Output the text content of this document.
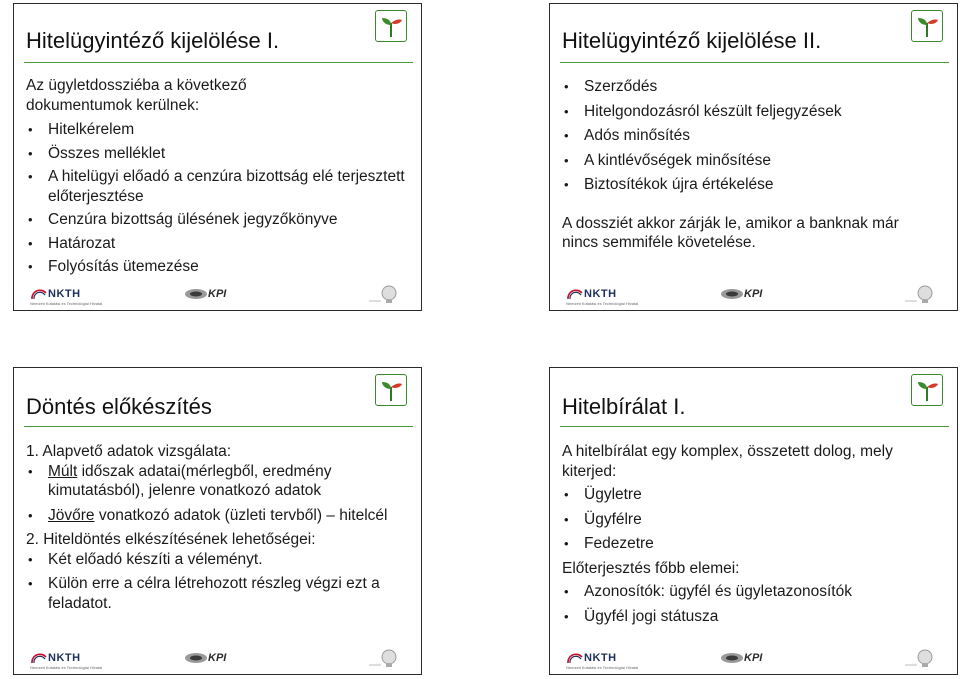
Hitelügyintéző kijelölése I.

Az ügyletdossziéba a következő

dokumentumok kerülnek:

• Hitelkérelem
• Összes melléklet
• A hitelügyi előadó a cenzúra bizottság elé terjesztett előterjesztése
• Cenzúra bizottság ülésének jegyzőkönyve
• Határozat
• Folyósítás ütemezése
NKTH
Nemzeti Kutatási és Technológiai Hivatal
KPI
Hitelügyintéző kijelölése II.
• Szerződés
• Hitelgondozásról készült feljegyzések
• Adós minősítés
• A kintlévőségek minősítése
• Biztosítékok újra értékelése

A dossziét akkor zárják le, amikor a banknak már nincs semmiféle követelése.

NKTH
Nemzeti Kutatási és Technológiai Hivatal
KPI
Döntés előkészítés

1. Alapvető adatok vizsgálata:

• Múlt időszak adatai(mérlegből, eredmény kimutatásból), jelenre vonatkozó adatok
• Jövőre vonatkozó adatok (üzleti tervből) – hitelcél

2. Hiteldöntés elkészítésének lehetőségei:

• Két előadó készíti a véleményt.
• Külön erre a célra létrehozott részleg végzi ezt a feladatot.
NKTH
Nemzeti Kutatási és Technológiai Hivatal
KPI
Hitelbírálat I.

A hitelbírálat egy komplex, összetett dolog, mely kiterjed:

• Ügyletre
• Ügyfélre
• Fedezetre

Előterjesztés főbb elemei:

• Azonosítók: ügyfél és ügyletazonosítók
• Ügyfél jogi státusza
NKTH
Nemzeti Kutatási és Technológiai Hivatal
KPI
